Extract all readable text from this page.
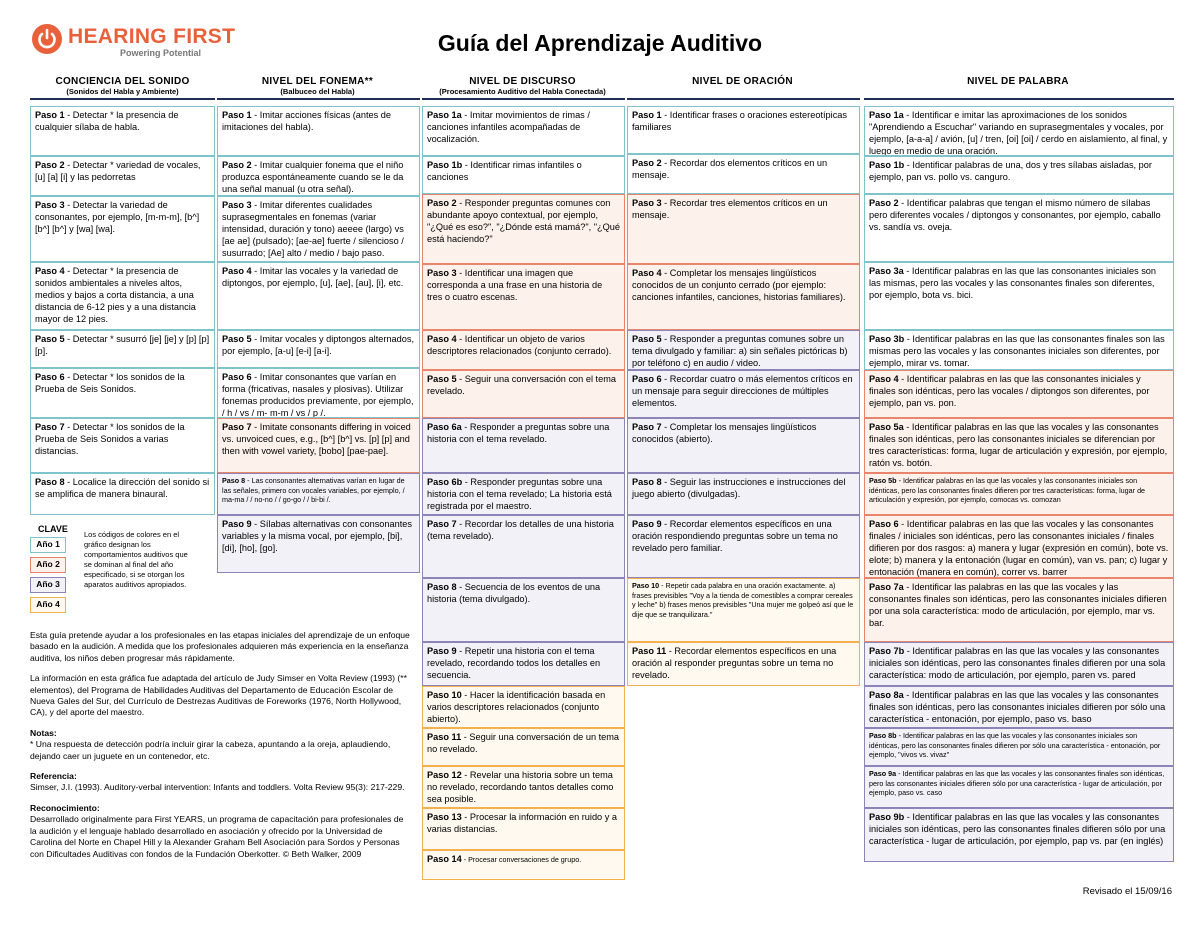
HEARING FIRST
Powering Potential	Guía del Aprendizaje Auditivo
CONCIENCIA DEL SONIDO
(Sonidos del Habla y Ambiente)
NIVEL DEL FONEMA**
(Balbuceo del Habla)
NIVEL DE DISCURSO
(Procesamiento Auditivo del Habla Conectada)
NIVEL DE ORACIÓN	NIVEL DE PALABRA
Paso 1 - Detectar * la presencia de cualquier sílaba de habla.
Paso 2 - Detectar * variedad de vocales, [u] [a] [i] y las pedorretas
Paso 3 - Detectar la variedad de consonantes, por ejemplo, [m-m-m], [b^] [b^] [b^] y [wa] [wa].
Paso 4 - Detectar * la presencia de sonidos ambientales a niveles altos, medios y bajos a corta distancia, a una distancia de 6-12 pies y a una distancia mayor de 12 pies.
Paso 5 - Detectar * susurró [je] [je] y [p] [p] [p].
Paso 6 - Detectar * los sonidos de la Prueba de Seis Sonidos.
Paso 7 - Detectar * los sonidos de la Prueba de Seis Sonidos a varias distancias.
Paso 8 - Localice la dirección del sonido si se amplifica de manera binaural.
Paso 1 - Imitar acciones físicas (antes de imitaciones del habla).
Paso 2 - Imitar cualquier fonema que el niño produzca espontáneamente cuando se le da una señal manual (u otra señal).
Paso 3 - Imitar diferentes cualidades suprasegmentales en fonemas (variar intensidad, duración y tono) aeeee (largo) vs [ae ae] (pulsado); [ae-ae] fuerte / silencioso / susurrado; [Ae] alto / medio / bajo paso.
Paso 4 - Imitar las vocales y la variedad de diptongos, por ejemplo, [u], [ae], [au], [i], etc.
Paso 5 - Imitar vocales y diptongos alternados, por ejemplo, [a-u] [e-i] [a-i].
Paso 6 - Imitar consonantes que varían en forma (fricativas, nasales y plosivas). Utilizar fonemas producidos previamente, por ejemplo, / h / vs / m- m-m / vs / p /.
Paso 7 - Imitate consonants differing in voiced vs. unvoiced cues, e.g., [b^] [b^] vs. [p] [p] and then with vowel variety, [bobo] [pae-pae].
Paso 8 - Las consonantes alternativas varían en lugar de las señales, primero con vocales variables, por ejemplo, / ma-ma / / no-no / / go-go / / bi-bi /.
Paso 9 - Sílabas alternativas con consonantes variables y la misma vocal, por ejemplo, [bi], [di], [ho], [go].
Paso 1a - Imitar movimientos de rimas / canciones infantiles acompañadas de vocalización.
Paso 1b - Identificar rimas infantiles o canciones
Paso 2 - Responder preguntas comunes con abundante apoyo contextual, por ejemplo, "¿Qué es eso?", "¿Dónde está mamá?", "¿Qué está haciendo?"
Paso 3 - Identificar una imagen que corresponda a una frase en una historia de tres o cuatro escenas.
Paso 4 - Identificar un objeto de varios descriptores relacionados (conjunto cerrado).
Paso 5 - Seguir una conversación con el tema revelado.
Paso 6a - Responder a preguntas sobre una historia con el tema revelado.
Paso 6b - Responder preguntas sobre una historia con el tema revelado; La historia está registrada por el maestro.
Paso 7 - Recordar los detalles de una historia (tema revelado).
Paso 8 - Secuencia de los eventos de una historia (tema divulgado).
Paso 9 - Repetir una historia con el tema revelado, recordando todos los detalles en secuencia.
Paso 10 - Hacer la identificación basada en varios descriptores relacionados (conjunto abierto).
Paso 11 - Seguir una conversación de un tema no revelado.
Paso 12 - Revelar una historia sobre un tema no revelado, recordando tantos detalles como sea posible.
Paso 13 - Procesar la información en ruido y a varias distancias.
Paso 14 - Procesar conversaciones de grupo.
Paso 1 - Identificar frases o oraciones estereotípicas familiares
Paso 2 - Recordar dos elementos críticos en un mensaje.
Paso 3 - Recordar tres elementos críticos en un mensaje.
Paso 4 - Completar los mensajes lingüísticos conocidos de un conjunto cerrado (por ejemplo: canciones infantiles, canciones, historias familiares).
Paso 5 - Responder a preguntas comunes sobre un tema divulgado y familiar: a) sin señales pictóricas b) por teléfono c) en audio / video.
Paso 6 - Recordar cuatro o más elementos críticos en un mensaje para seguir direcciones de múltiples elementos.
Paso 7 - Completar los mensajes lingüísticos conocidos (abierto).
Paso 8 - Seguir las instrucciones e instrucciones del juego abierto (divulgadas).
Paso 9 - Recordar elementos específicos en una oración respondiendo preguntas sobre un tema no revelado pero familiar.
Paso 10 - Repetir cada palabra en una oración exactamente. a) frases previsibles "Voy a la tienda de comestibles a comprar cereales y leche" b) frases menos previsibles "Una mujer me golpeó así que le dije que se tranquilizara."
Paso 11 - Recordar elementos específicos en una oración al responder preguntas sobre un tema no revelado.
Paso 1a - Identificar e imitar las aproximaciones de los sonidos "Aprendiendo a Escuchar" variando en suprasegmentales y vocales, por ejemplo, [a-a-a] / avión, [u] / tren, [oi] [oi] / cerdo en aislamiento, al final, y luego en medio de una oración.
Paso 1b - Identificar palabras de una, dos y tres sílabas aisladas, por ejemplo, pan vs. pollo vs. canguro.
Paso 2 - Identificar palabras que tengan el mismo número de sílabas pero diferentes vocales / diptongos y consonantes, por ejemplo, caballo vs. sandía vs. oveja.
Paso 3a - Identificar palabras en las que las consonantes iniciales son las mismas, pero las vocales y las consonantes finales son diferentes, por ejemplo, bota vs. bici.
Paso 3b - Identificar palabras en las que las consonantes finales son las mismas pero las vocales y las consonantes iniciales son diferentes, por ejemplo, mirar vs. tomar.
Paso 4 - Identificar palabras en las que las consonantes iniciales y finales son idénticas, pero las vocales / diptongos son diferentes, por ejemplo, pan vs. pon.
Paso 5a - Identificar palabras en las que las vocales y las consonantes finales son idénticas, pero las consonantes iniciales se diferencian por tres características: forma, lugar de articulación y expresión, por ejemplo, ratón vs. botón.
Paso 5b - Identificar palabras en las que las vocales y las consonantes iniciales son idénticas, pero las consonantes finales difieren por tres características: forma, lugar de articulación y expresión, por ejemplo, comocas vs. comozan
Paso 6 - Identificar palabras en las que las vocales y las consonantes finales / iniciales son idénticas, pero las consonantes iniciales / finales difieren por dos rasgos: a) manera y lugar (expresión en común), bote vs. elote; b) manera y la entonación (lugar en común), van vs. pan; c) lugar y entonación (manera en común), correr vs. barrer
Paso 7a - Identificar las palabras en las que las vocales y las consonantes finales son idénticas, pero las consonantes iniciales difieren por una sola característica: modo de articulación, por ejemplo, mar vs. bar.
Paso 7b - Identificar palabras en las que las vocales y las consonantes iniciales son idénticas, pero las consonantes finales difieren por una sola característica: modo de articulación, por ejemplo, paren vs. pared
Paso 8a - Identificar palabras en las que las vocales y las consonantes finales son idénticas, pero las consonantes iniciales difieren por sólo una característica - entonación, por ejemplo, paso vs. baso
Paso 8b - Identificar palabras en las que las vocales y las consonantes iniciales son idénticas, pero las consonantes finales difieren por sólo una característica - entonación, por ejemplo, "vivos vs. vivaz"
Paso 9a - Identificar palabras en las que las vocales y las consonantes finales son idénticas, pero las consonantes iniciales difieren sólo por una característica - lugar de articulación, por ejemplo, paso vs. caso
Paso 9b - Identificar palabras en las que las vocales y las consonantes iniciales son idénticas, pero las consonantes finales difieren sólo por una característica - lugar de articulación, por ejemplo, pap vs. par (en inglés)
CLAVE
Año 1
Año 2
Año 3
Año 4
Los códigos de colores en el gráfico designan los comportamientos auditivos que se dominan al final del año especificado, si se otorgan los aparatos auditivos apropiados.

Esta guía pretende ayudar a los profesionales en las etapas iniciales del aprendizaje de un enfoque basado en la audición. A medida que los profesionales adquieren más experiencia en la enseñanza auditiva, los niños deben progresar más rápidamente.

La información en esta gráfica fue adaptada del artículo de Judy Simser en Volta Review (1993) (** elementos), del Programa de Habilidades Auditivas del Departamento de Educación Escolar de Nueva Gales del Sur, del Currículo de Destrezas Auditivas de Foreworks (1976, North Hollywood, CA), y del aporte del maestro.

Notas:

* Una respuesta de detección podría incluir girar la cabeza, apuntando a la oreja, aplaudiendo, dejando caer un juguete en un contenedor, etc.

Referencia:

Simser, J.I. (1993). Auditory-verbal intervention: Infants and toddlers. Volta Review 95(3): 217-229.

Reconocimiento:

Desarrollado originalmente para First YEARS, un programa de capacitación para profesionales de la audición y el lenguaje hablado desarrollado en asociación y ofrecido por la Universidad de Carolina del Norte en Chapel Hill y la Alexander Graham Bell Asociación para Sordos y Personas con Dificultades Auditivas con fondos de la Fundación Oberkotter. © Beth Walker, 2009

Revisado el 15/09/16
